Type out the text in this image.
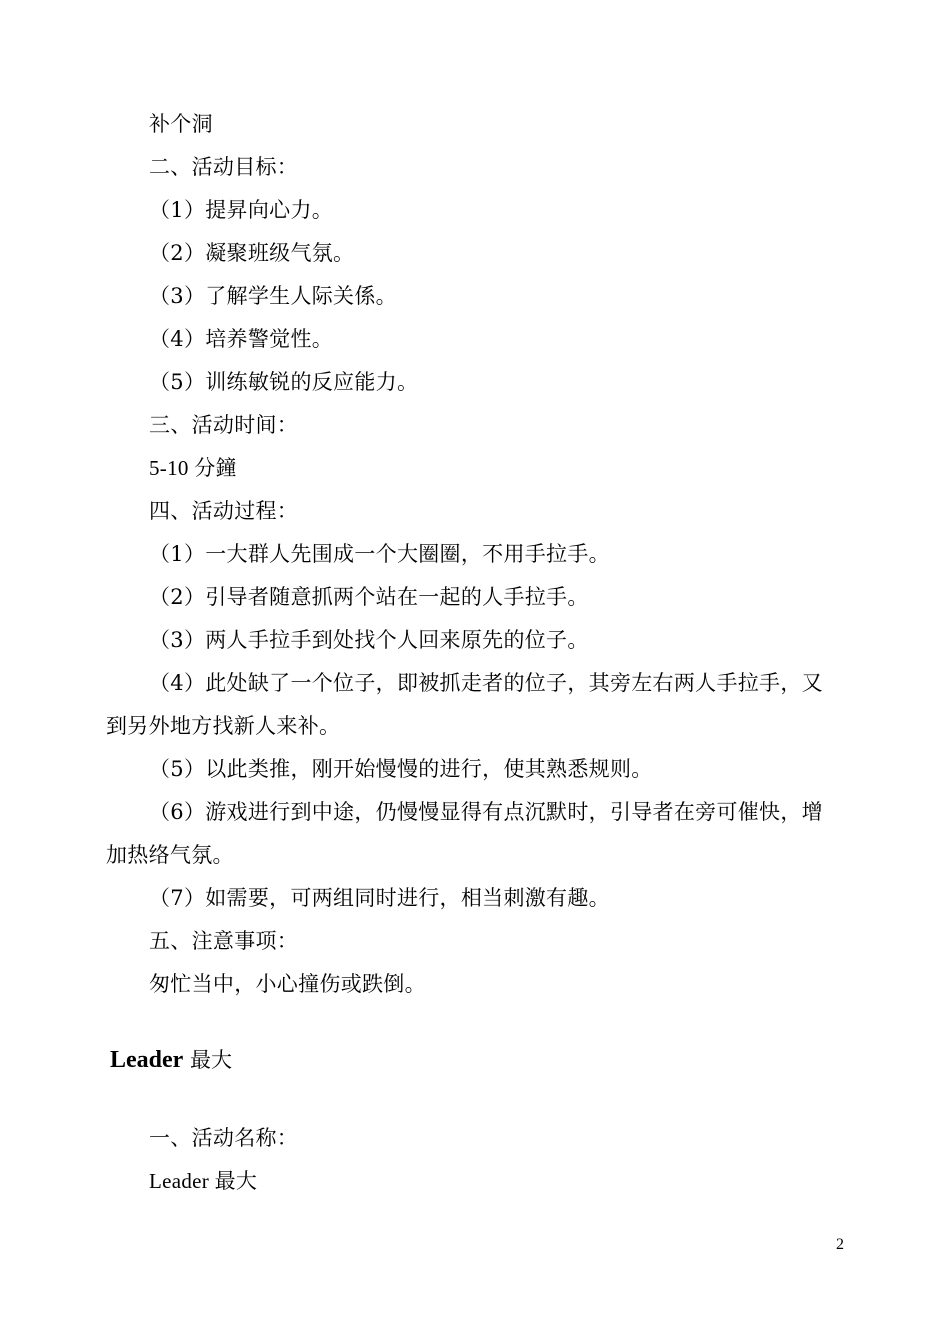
补个洞
二、活动目标：
（1）提昇向心力。
（2）凝聚班级气氛。
（3）了解学生人际关係。
（4）培养警觉性。
（5）训练敏锐的反应能力。
三、活动时间：
5-10 分鐘
四、活动过程：
（1）一大群人先围成一个大圈圈，不用手拉手。
（2）引导者随意抓两个站在一起的人手拉手。
（3）两人手拉手到处找个人回来原先的位子。
（4）此处缺了一个位子，即被抓走者的位子，其旁左右两人手拉手，又
到另外地方找新人来补。
（5）以此类推，刚开始慢慢的进行，使其熟悉规则。
（6）游戏进行到中途，仍慢慢显得有点沉默时，引导者在旁可催快，增
加热络气氛。
（7）如需要，可两组同时进行，相当刺激有趣。
五、注意事项：
匆忙当中，小心撞伤或跌倒。
Leader 最大
一、活动名称：
Leader 最大
2
